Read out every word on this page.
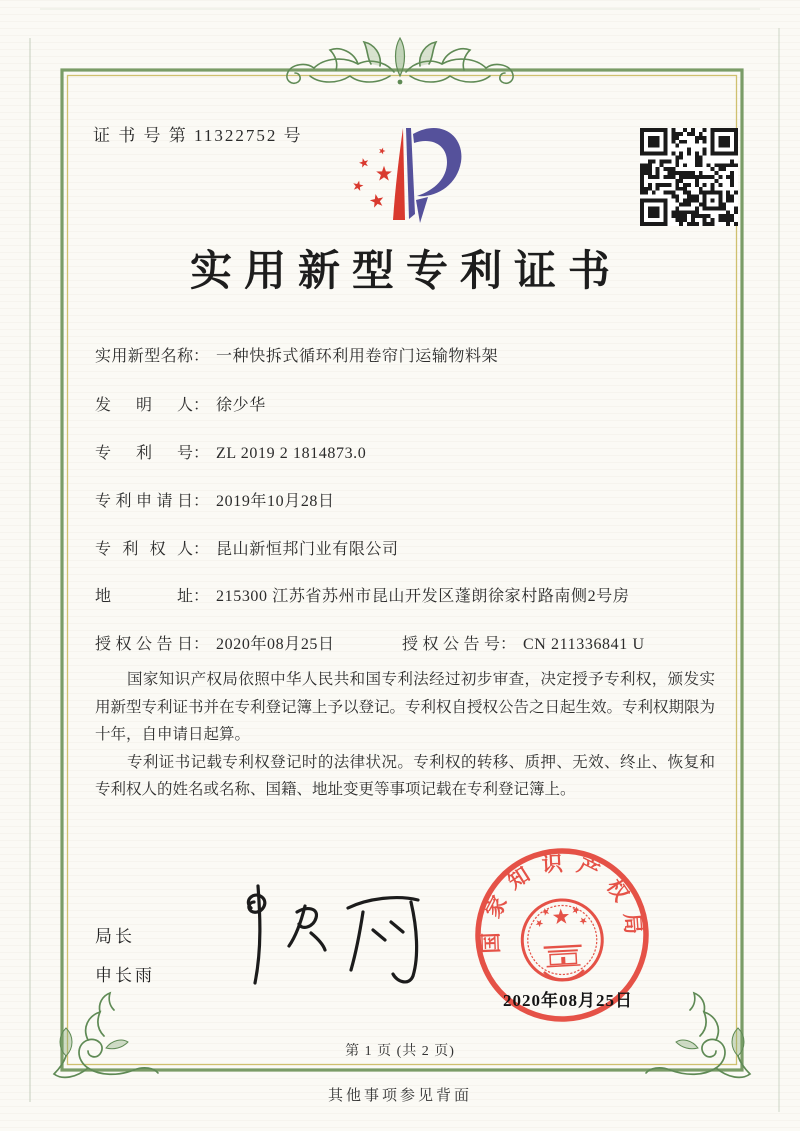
证 书 号 第 11322752 号
实用新型专利证书
实用新型名称： 一种快拆式循环利用卷帘门运输物料架
发明人： 徐少华
专利号： ZL 2019 2 1814873.0
专利申请日： 2019年10月28日
专利权人： 昆山新恒邦门业有限公司
地址： 215300 江苏省苏州市昆山开发区蓬朗徐家村路南侧2号房
授权公告日： 2020年08月25日	授权公告号： CN 211336841 U

国家知识产权局依照中华人民共和国专利法经过初步审查，决定授予专利权，颁发实用新型专利证书并在专利登记簿上予以登记。专利权自授权公告之日起生效。专利权期限为十年，自申请日起算。

专利证书记载专利权登记时的法律状况。专利权的转移、质押、无效、终止、恢复和专利权人的姓名或名称、国籍、地址变更等事项记载在专利登记簿上。

局长
申长雨
国家知识产权局
2020年08月25日
第 1 页 (共 2 页)
其他事项参见背面
